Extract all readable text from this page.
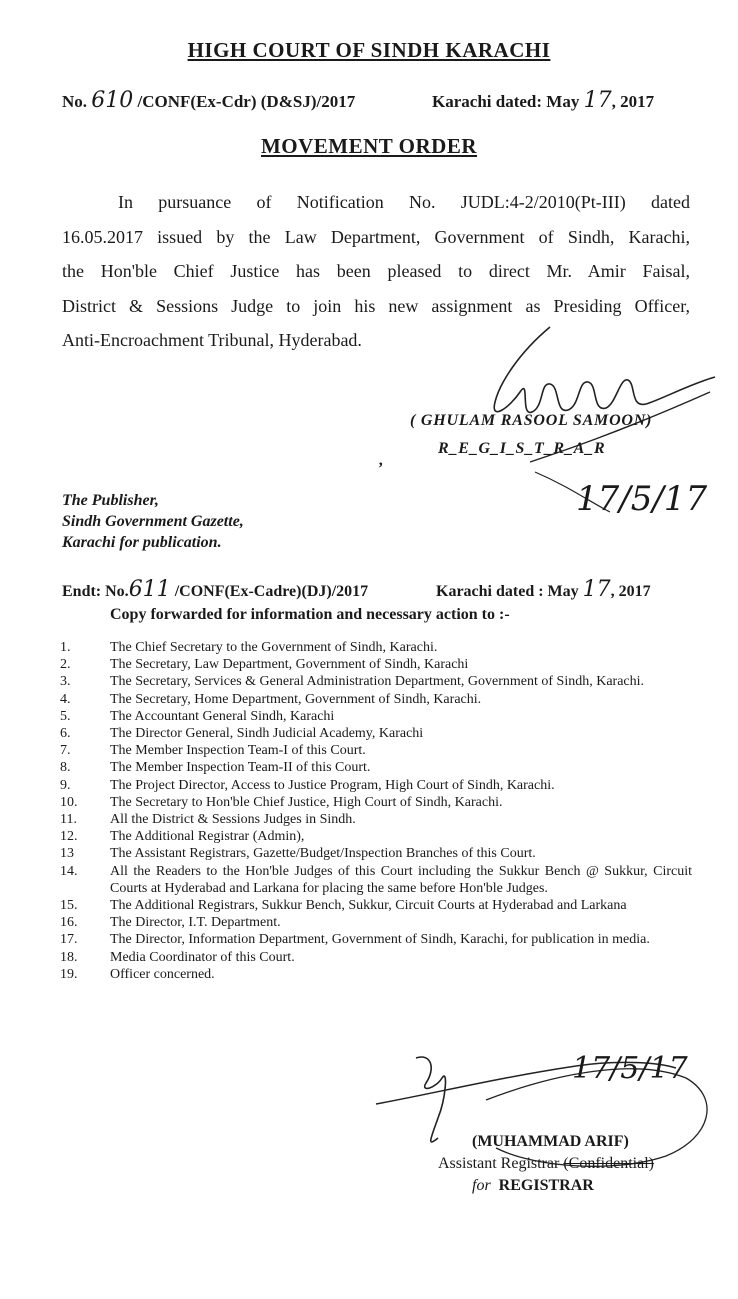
HIGH COURT OF SINDH KARACHI
No. 610 /CONF(Ex-Cdr) (D&SJ)/2017	Karachi dated: May 17, 2017
MOVEMENT ORDER
In pursuance of Notification No. JUDL:4-2/2010(Pt-III) dated
16.05.2017 issued by the Law Department, Government of Sindh, Karachi,
the Hon'ble Chief Justice has been pleased to direct Mr. Amir Faisal,
District & Sessions Judge to join his new assignment as Presiding Officer,
Anti-Encroachment Tribunal, Hyderabad.
( GHULAM RASOOL SAMOON)
R_E_G_I_S_T_R_A_R
17/5/17
’
The Publisher,
Sindh Government Gazette,
Karachi for publication.
Endt: No.611 /CONF(Ex-Cadre)(DJ)/2017	Karachi dated : May 17, 2017
Copy forwarded for information and necessary action to :-
1.	The Chief Secretary to the Government of Sindh, Karachi.
2.	The Secretary, Law Department, Government of Sindh, Karachi
3.	The Secretary, Services & General Administration Department, Government of Sindh, Karachi.
4.	The Secretary, Home Department, Government of Sindh, Karachi.
5.	The Accountant General Sindh, Karachi
6.	The Director General, Sindh Judicial Academy, Karachi
7.	The Member Inspection Team-I of this Court.
8.	The Member Inspection Team-II of this Court.
9.	The Project Director, Access to Justice Program, High Court of Sindh, Karachi.
10. The Secretary to Hon'ble Chief Justice, High Court of Sindh, Karachi.
11. All the District & Sessions Judges in Sindh.
12. The Additional Registrar (Admin),
13	The Assistant Registrars, Gazette/Budget/Inspection Branches of this Court.
14. All the Readers to the Hon'ble Judges of this Court including the Sukkur Bench @ Sukkur, Circuit Courts at Hyderabad and Larkana for placing the same before Hon'ble Judges.
15. The Additional Registrars, Sukkur Bench, Sukkur, Circuit Courts at Hyderabad and Larkana
16. The Director, I.T. Department.
17. The Director, Information Department, Government of Sindh, Karachi, for publication in media.
18. Media Coordinator of this Court.
19. Officer concerned.
17/5/17
(MUHAMMAD ARIF)
Assistant Registrar (Confidential)
for REGISTRAR
